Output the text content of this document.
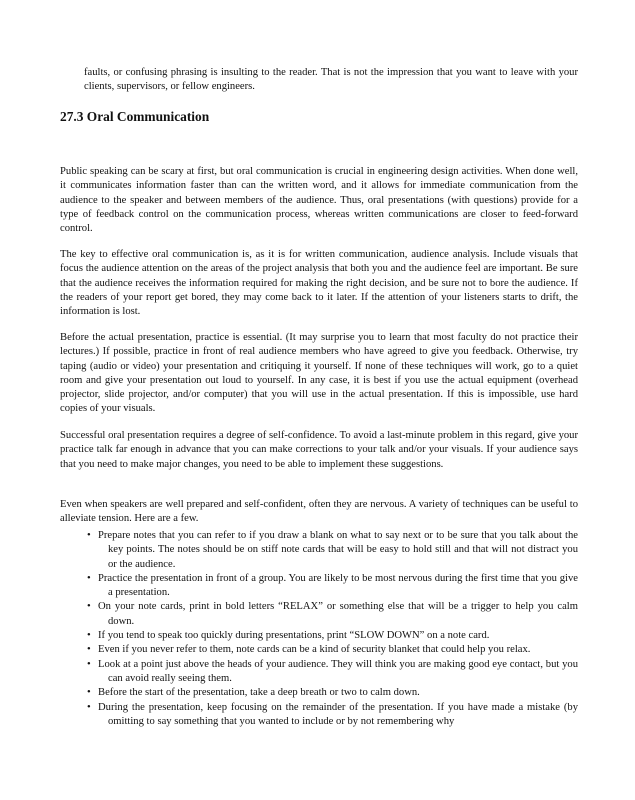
faults, or confusing phrasing is insulting to the reader. That is not the impression that you want to leave with your clients, supervisors, or fellow engineers.

27.3 Oral Communication

Public speaking can be scary at first, but oral communication is crucial in engineering design activities. When done well, it communicates information faster than can the written word, and it allows for immediate communication from the audience to the speaker and between members of the audience. Thus, oral presentations (with questions) provide for a type of feedback control on the communication process, whereas written communications are closer to feed-forward control.

The key to effective oral communication is, as it is for written communication, audience analysis. Include visuals that focus the audience attention on the areas of the project analysis that both you and the audience feel are important. Be sure that the audience receives the information required for making the right decision, and be sure not to bore the audience. If the readers of your report get bored, they may come back to it later. If the attention of your listeners starts to drift, the information is lost.

Before the actual presentation, practice is essential. (It may surprise you to learn that most faculty do not practice their lectures.) If possible, practice in front of real audience members who have agreed to give you feedback. Otherwise, try taping (audio or video) your presentation and critiquing it yourself. If none of these techniques will work, go to a quiet room and give your presentation out loud to yourself. In any case, it is best if you use the actual equipment (overhead projector, slide projector, and/or computer) that you will use in the actual presentation. If this is impossible, use hard copies of your visuals.

Successful oral presentation requires a degree of self-confidence. To avoid a last-minute problem in this regard, give your practice talk far enough in advance that you can make corrections to your talk and/or your visuals. If your audience says that you need to make major changes, you need to be able to implement these suggestions.

Even when speakers are well prepared and self-confident, often they are nervous. A variety of techniques can be useful to alleviate tension. Here are a few.

• Prepare notes that you can refer to if you draw a blank on what to say next or to be sure that you talk about the key points. The notes should be on stiff note cards that will be easy to hold still and that will not distract you or the audience.
• Practice the presentation in front of a group. You are likely to be most nervous during the first time that you give a presentation.
• On your note cards, print in bold letters “RELAX” or something else that will be a trigger to help you calm down.
• If you tend to speak too quickly during presentations, print “SLOW DOWN” on a note card.
• Even if you never refer to them, note cards can be a kind of security blanket that could help you relax.
• Look at a point just above the heads of your audience. They will think you are making good eye contact, but you can avoid really seeing them.
• Before the start of the presentation, take a deep breath or two to calm down.
• During the presentation, keep focusing on the remainder of the presentation. If you have made a mistake (by omitting to say something that you wanted to include or by not remembering why
